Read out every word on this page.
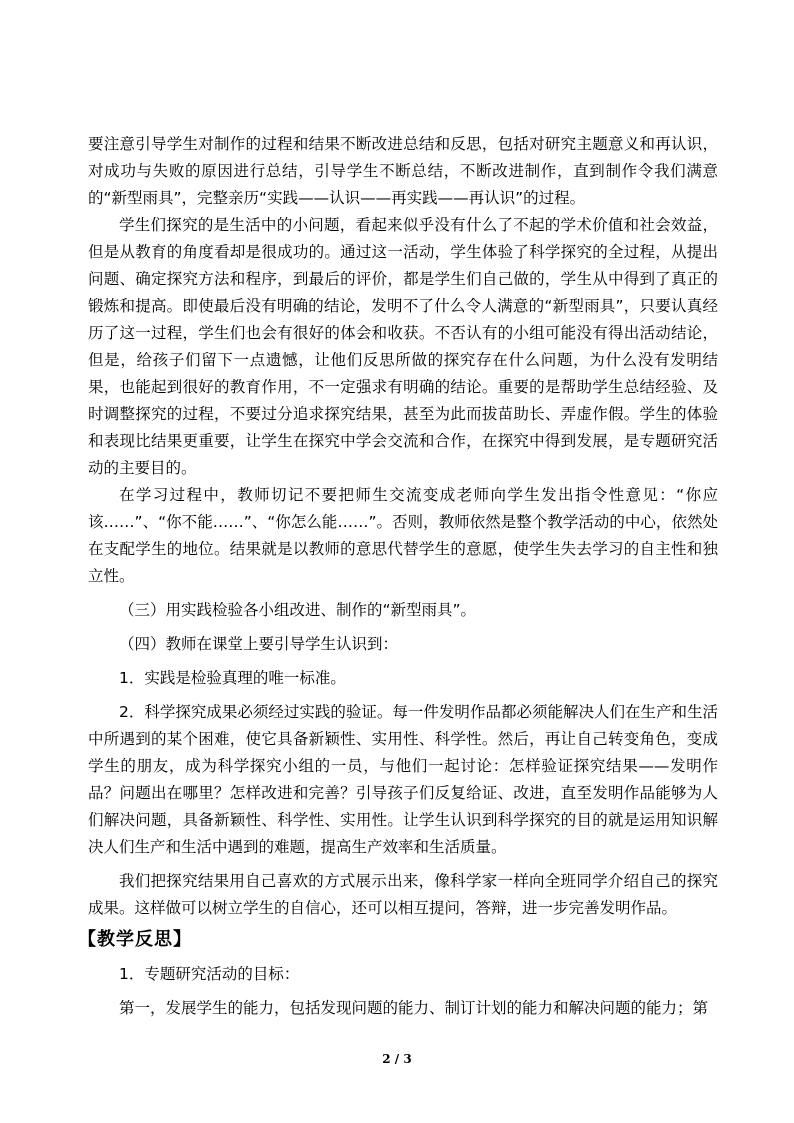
要注意引导学生对制作的过程和结果不断改进总结和反思，包括对研究主题意义和再认识，对成功与失败的原因进行总结，引导学生不断总结，不断改进制作，直到制作令我们满意的“新型雨具”，完整亲历“实践——认识——再实践——再认识”的过程。

学生们探究的是生活中的小问题，看起来似乎没有什么了不起的学术价值和社会效益，但是从教育的角度看却是很成功的。通过这一活动，学生体验了科学探究的全过程，从提出问题、确定探究方法和程序，到最后的评价，都是学生们自己做的，学生从中得到了真正的锻炼和提高。即使最后没有明确的结论，发明不了什么令人满意的“新型雨具”，只要认真经历了这一过程，学生们也会有很好的体会和收获。不否认有的小组可能没有得出活动结论，但是，给孩子们留下一点遗憾，让他们反思所做的探究存在什么问题，为什么没有发明结果，也能起到很好的教育作用，不一定强求有明确的结论。重要的是帮助学生总结经验、及时调整探究的过程，不要过分追求探究结果，甚至为此而拔苗助长、弄虚作假。学生的体验和表现比结果更重要，让学生在探究中学会交流和合作，在探究中得到发展，是专题研究活动的主要目的。

在学习过程中，教师切记不要把师生交流变成老师向学生发出指令性意见：“你应该……”、“你不能……”、“你怎么能……”。否则，教师依然是整个教学活动的中心，依然处在支配学生的地位。结果就是以教师的意思代替学生的意愿，使学生失去学习的自主性和独立性。

（三）用实践检验各小组改进、制作的“新型雨具”。

（四）教师在课堂上要引导学生认识到：

1．实践是检验真理的唯一标准。

2．科学探究成果必须经过实践的验证。每一件发明作品都必须能解决人们在生产和生活中所遇到的某个困难，使它具备新颖性、实用性、科学性。然后，再让自己转变角色，变成学生的朋友，成为科学探究小组的一员，与他们一起讨论：怎样验证探究结果——发明作品？问题出在哪里？怎样改进和完善？引导孩子们反复给证、改进，直至发明作品能够为人们解决问题，具备新颖性、科学性、实用性。让学生认识到科学探究的目的就是运用知识解决人们生产和生活中遇到的难题，提高生产效率和生活质量。

我们把探究结果用自己喜欢的方式展示出来，像科学家一样向全班同学介绍自己的探究成果。这样做可以树立学生的自信心，还可以相互提问，答辩，进一步完善发明作品。

【教学反思】

1．专题研究活动的目标：

第一，发展学生的能力，包括发现问题的能力、制订计划的能力和解决问题的能力；第

2 / 3
